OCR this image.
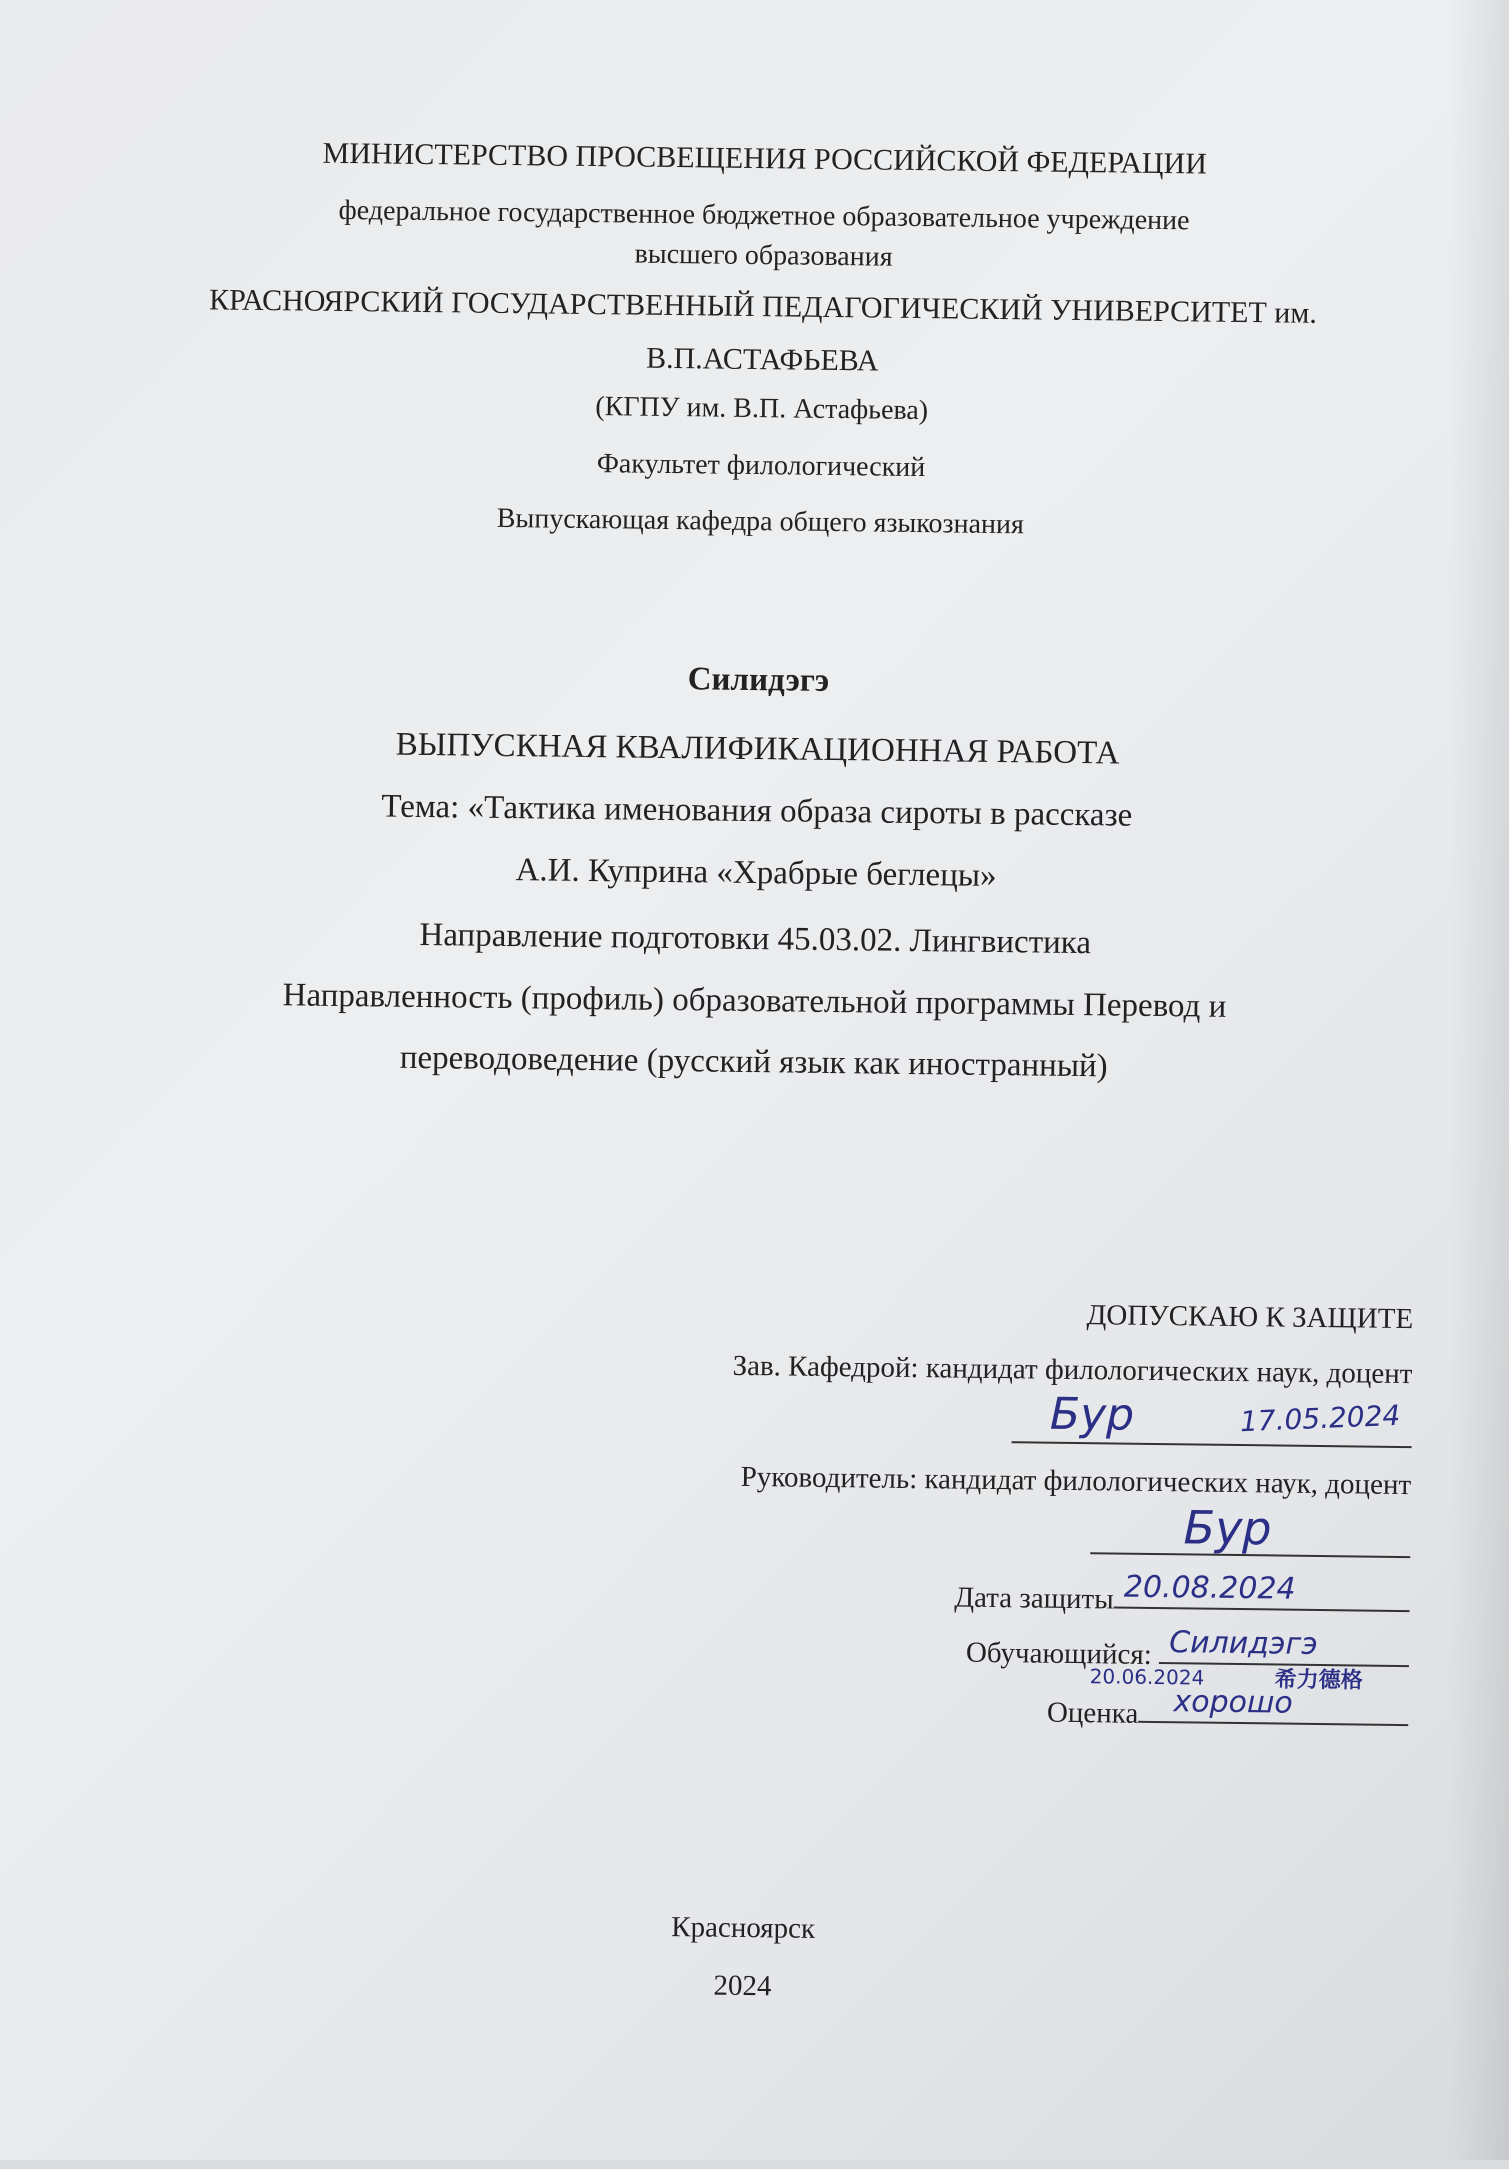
МИНИСТЕРСТВО ПРОСВЕЩЕНИЯ РОССИЙСКОЙ ФЕДЕРАЦИИ
федеральное государственное бюджетное образовательное учреждение
высшего образования
КРАСНОЯРСКИЙ ГОСУДАРСТВЕННЫЙ ПЕДАГОГИЧЕСКИЙ УНИВЕРСИТЕТ им.
В.П.АСТАФЬЕВА
(КГПУ им. В.П. Астафьева)
Факультет филологический
Выпускающая кафедра общего языкознания
Силидэгэ
ВЫПУСКНАЯ КВАЛИФИКАЦИОННАЯ РАБОТА
Тема: «Тактика именования образа сироты в рассказе
А.И. Куприна «Храбрые беглецы»
Направление подготовки 45.03.02. Лингвистика
Направленность (профиль) образовательной программы Перевод и
переводоведение (русский язык как иностранный)
ДОПУСКАЮ К ЗАЩИТЕ
Зав. Кафедрой: кандидат филологических наук, доцент
Бур	17.05.2024
Руководитель: кандидат филологических наук, доцент
Бур
Дата защиты 20.08.2024
Обучающийся: Силидэгэ
20.06.2024	希力德格
Оценка хорошо
Красноярск
2024
